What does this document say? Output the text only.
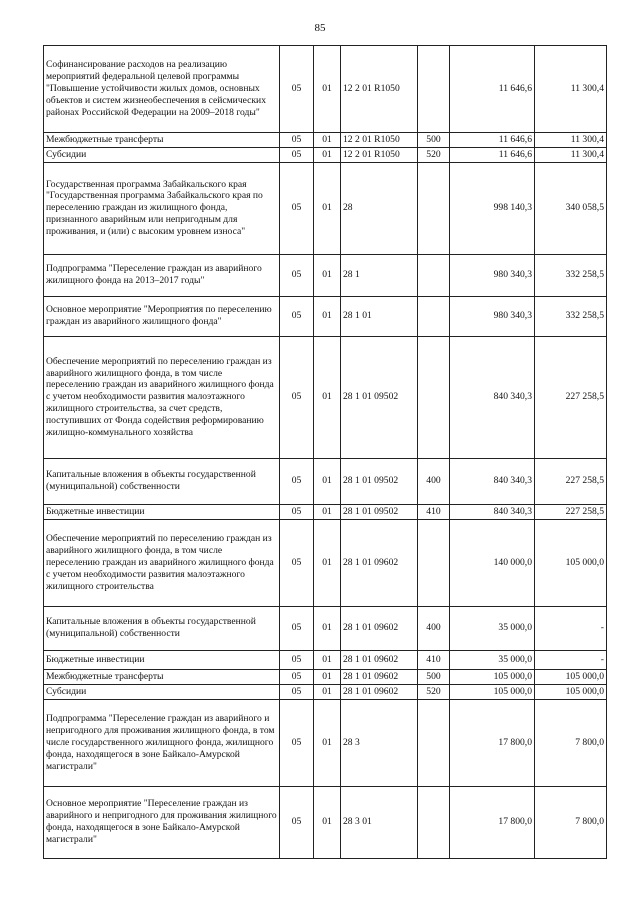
85
Софинансирование расходов на реализацию мероприятий федеральной целевой программы "Повышение устойчивости жилых домов, основных объектов и систем жизнеобеспечения в сейсмических районах Российской Федерации на 2009–2018 годы"	05	01	12 2 01 R1050		11 646,6	11 300,4
Межбюджетные трансферты	05	01	12 2 01 R1050	500	11 646,6	11 300,4
Субсидии	05	01	12 2 01 R1050	520	11 646,6	11 300,4
Государственная программа Забайкальского края "Государственная программа Забайкальского края по переселению граждан из жилищного фонда, признанного аварийным или непригодным для проживания, и (или) с высоким уровнем износа"	05	01	28		998 140,3	340 058,5
Подпрограмма "Переселение граждан из аварийного жилищного фонда на 2013–2017 годы"	05	01	28 1		980 340,3	332 258,5
Основное мероприятие "Мероприятия по переселению граждан из аварийного жилищного фонда"	05	01	28 1 01		980 340,3	332 258,5
Обеспечение мероприятий по переселению граждан из аварийного жилищного фонда, в том числе переселению граждан из аварийного жилищного фонда с учетом необходимости развития малоэтажного жилищного строительства, за счет средств, поступивших от Фонда содействия реформированию жилищно-коммунального хозяйства	05	01	28 1 01 09502		840 340,3	227 258,5
Капитальные вложения в объекты государственной (муниципальной) собственности	05	01	28 1 01 09502	400	840 340,3	227 258,5
Бюджетные инвестиции	05	01	28 1 01 09502	410	840 340,3	227 258,5
Обеспечение мероприятий по переселению граждан из аварийного жилищного фонда, в том числе переселению граждан из аварийного жилищного фонда с учетом необходимости развития малоэтажного жилищного строительства	05	01	28 1 01 09602		140 000,0	105 000,0
Капитальные вложения в объекты государственной (муниципальной) собственности	05	01	28 1 01 09602	400	35 000,0	-
Бюджетные инвестиции	05	01	28 1 01 09602	410	35 000,0	-
Межбюджетные трансферты	05	01	28 1 01 09602	500	105 000,0	105 000,0
Субсидии	05	01	28 1 01 09602	520	105 000,0	105 000,0
Подпрограмма "Переселение граждан из аварийного и непригодного для проживания жилищного фонда, в том числе государственного жилищного фонда, жилищного фонда, находящегося в зоне Байкало-Амурской магистрали"	05	01	28 3		17 800,0	7 800,0
Основное мероприятие "Переселение граждан из аварийного и непригодного для проживания жилищного фонда, находящегося в зоне Байкало-Амурской магистрали"	05	01	28 3 01		17 800,0	7 800,0
